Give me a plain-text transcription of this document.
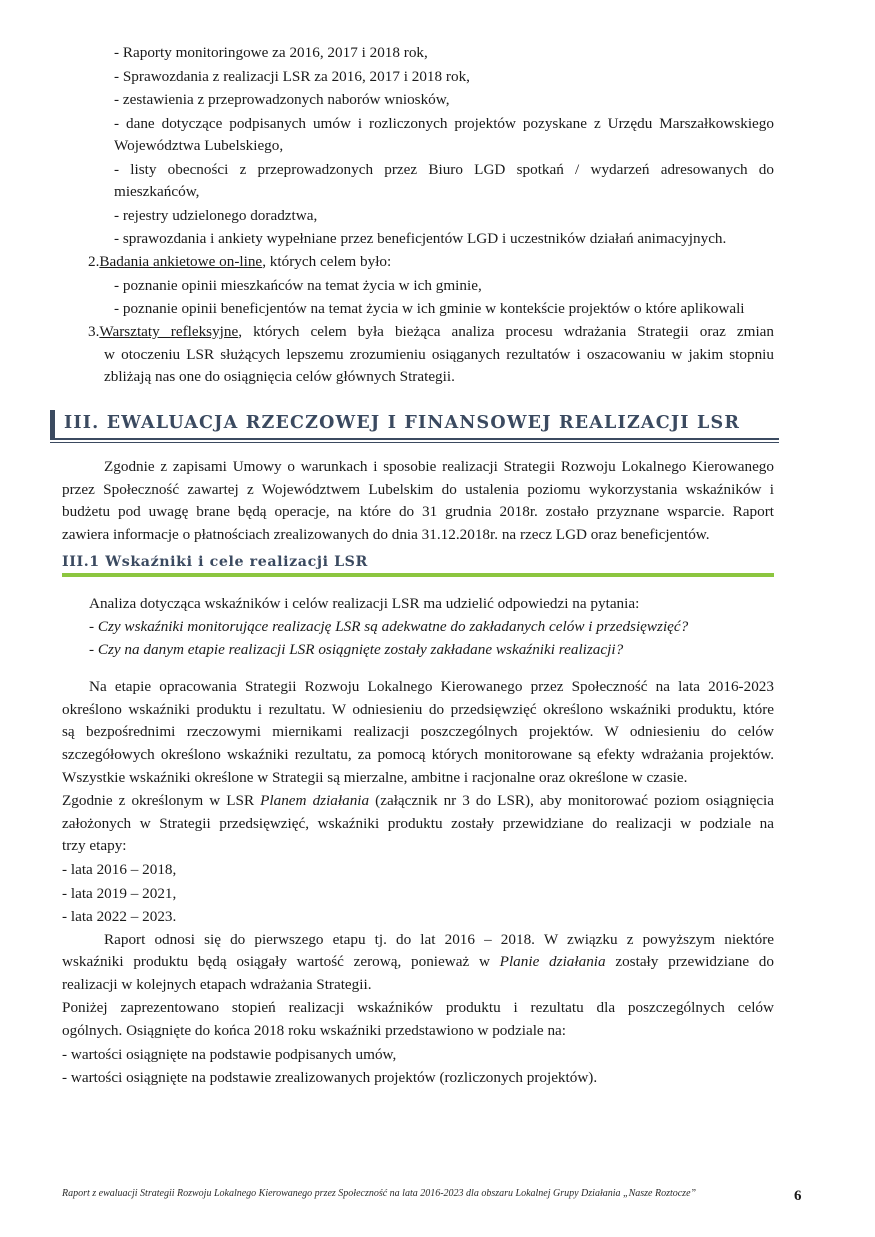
- Raporty monitoringowe za 2016, 2017 i 2018 rok,
- Sprawozdania z realizacji LSR za 2016, 2017 i 2018 rok,
- zestawienia z przeprowadzonych naborów wniosków,
- dane dotyczące podpisanych umów i rozliczonych projektów pozyskane z Urzędu Marszałkowskiego
Województwa Lubelskiego,
- listy obecności z przeprowadzonych przez Biuro LGD spotkań / wydarzeń adresowanych do
mieszkańców,
- rejestry udzielonego doradztwa,
- sprawozdania i ankiety wypełniane przez beneficjentów LGD i uczestników działań animacyjnych.
2.Badania ankietowe on-line, których celem było:
- poznanie opinii mieszkańców na temat życia w ich gminie,
- poznanie opinii beneficjentów na temat życia w ich gminie w kontekście projektów o które aplikowali
3.Warsztaty refleksyjne, których celem była bieżąca analiza procesu wdrażania Strategii oraz zmian
w otoczeniu LSR służących lepszemu zrozumieniu osiąganych rezultatów i oszacowaniu w jakim stopniu
zbliżają nas one do osiągnięcia celów głównych Strategii.
III. EWALUACJA RZECZOWEJ I FINANSOWEJ REALIZACJI LSR
Zgodnie z zapisami Umowy o warunkach i sposobie realizacji Strategii Rozwoju Lokalnego Kierowanego
przez Społeczność zawartej z Województwem Lubelskim do ustalenia poziomu wykorzystania wskaźników i
budżetu pod uwagę brane będą operacje, na które do 31 grudnia 2018r. zostało przyznane wsparcie. Raport
zawiera informacje o płatnościach zrealizowanych do dnia 31.12.2018r. na rzecz LGD oraz beneficjentów.
III.1 Wskaźniki i cele realizacji LSR
Analiza dotycząca wskaźników i celów realizacji LSR ma udzielić odpowiedzi na pytania:
- Czy wskaźniki monitorujące realizację LSR są adekwatne do zakładanych celów i przedsięwzięć?
- Czy na danym etapie realizacji LSR osiągnięte zostały zakładane wskaźniki realizacji?
Na etapie opracowania Strategii Rozwoju Lokalnego Kierowanego przez Społeczność na lata 2016-2023
określono wskaźniki produktu i rezultatu. W odniesieniu do przedsięwzięć określono wskaźniki produktu, które
są bezpośrednimi rzeczowymi miernikami realizacji poszczególnych projektów. W odniesieniu do celów
szczegółowych określono wskaźniki rezultatu, za pomocą których monitorowane są efekty wdrażania projektów.
Wszystkie wskaźniki określone w Strategii są mierzalne, ambitne i racjonalne oraz określone w czasie.
Zgodnie z określonym w LSR Planem działania (załącznik nr 3 do LSR), aby monitorować poziom osiągnięcia
założonych w Strategii przedsięwzięć, wskaźniki produktu zostały przewidziane do realizacji w podziale na
trzy etapy:
- lata 2016 – 2018,
- lata 2019 – 2021,
- lata 2022 – 2023.
Raport odnosi się do pierwszego etapu tj. do lat 2016 – 2018. W związku z powyższym niektóre
wskaźniki produktu będą osiągały wartość zerową, ponieważ w Planie działania zostały przewidziane do
realizacji w kolejnych etapach wdrażania Strategii.
Poniżej zaprezentowano stopień realizacji wskaźników produktu i rezultatu dla poszczególnych celów
ogólnych. Osiągnięte do końca 2018 roku wskaźniki przedstawiono w podziale na:
- wartości osiągnięte na podstawie podpisanych umów,
- wartości osiągnięte na podstawie zrealizowanych projektów (rozliczonych projektów).
Raport z ewaluacji Strategii Rozwoju Lokalnego Kierowanego przez Społeczność na lata 2016-2023 dla obszaru Lokalnej Grupy Działania „Nasze Roztocze”	6
